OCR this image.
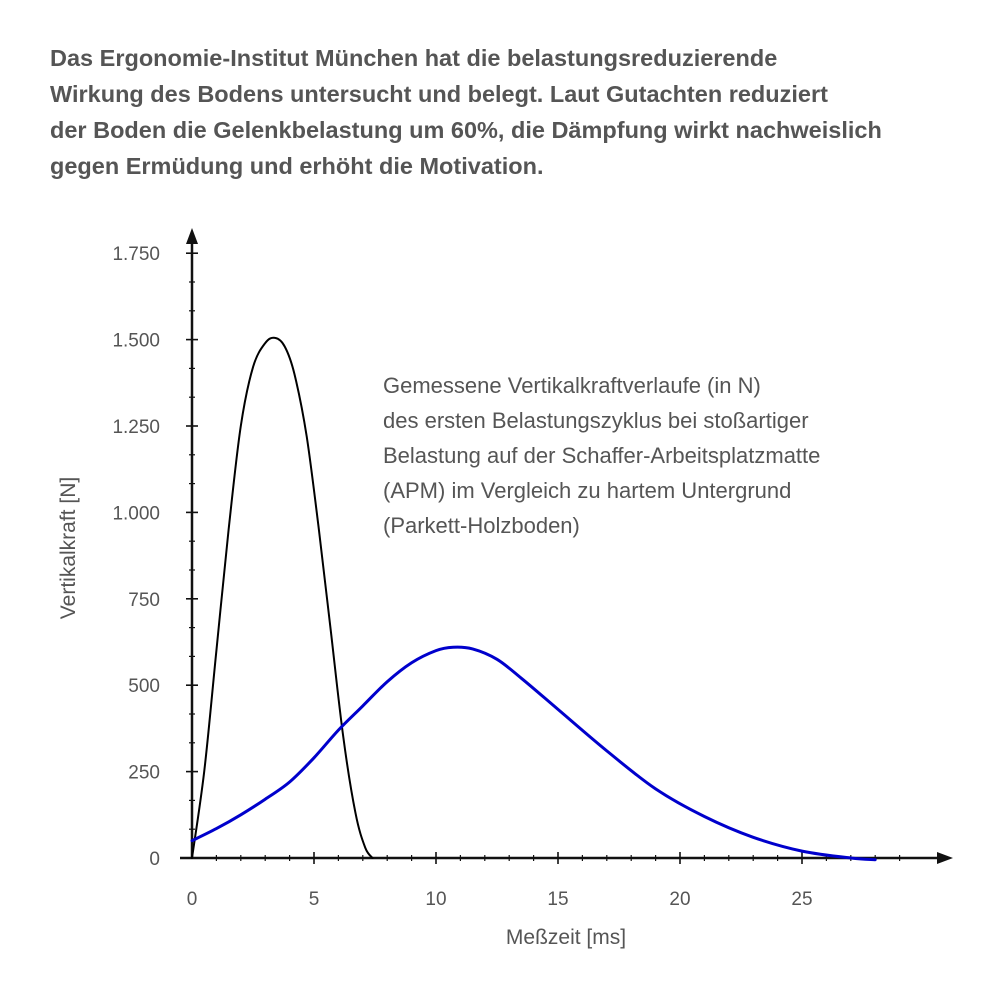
Das Ergonomie-Institut München hat die belastungsreduzierende
Wirkung des Bodens untersucht und belegt. Laut Gutachten reduziert
der Boden die Gelenkbelastung um 60%, die Dämpfung wirkt nachweislich
gegen Ermüdung und erhöht die Motivation.
0
250
500
750
1.000
1.250
1.500
1.750
0	5	10	15	20	25
Meßzeit [ms]
Vertikalkraft [N]
Gemessene Vertikalkraftverlaufe (in N)
des ersten Belastungszyklus bei stoßartiger
Belastung auf der Schaffer-Arbeitsplatzmatte
(APM) im Vergleich zu hartem Untergrund
(Parkett-Holzboden)
